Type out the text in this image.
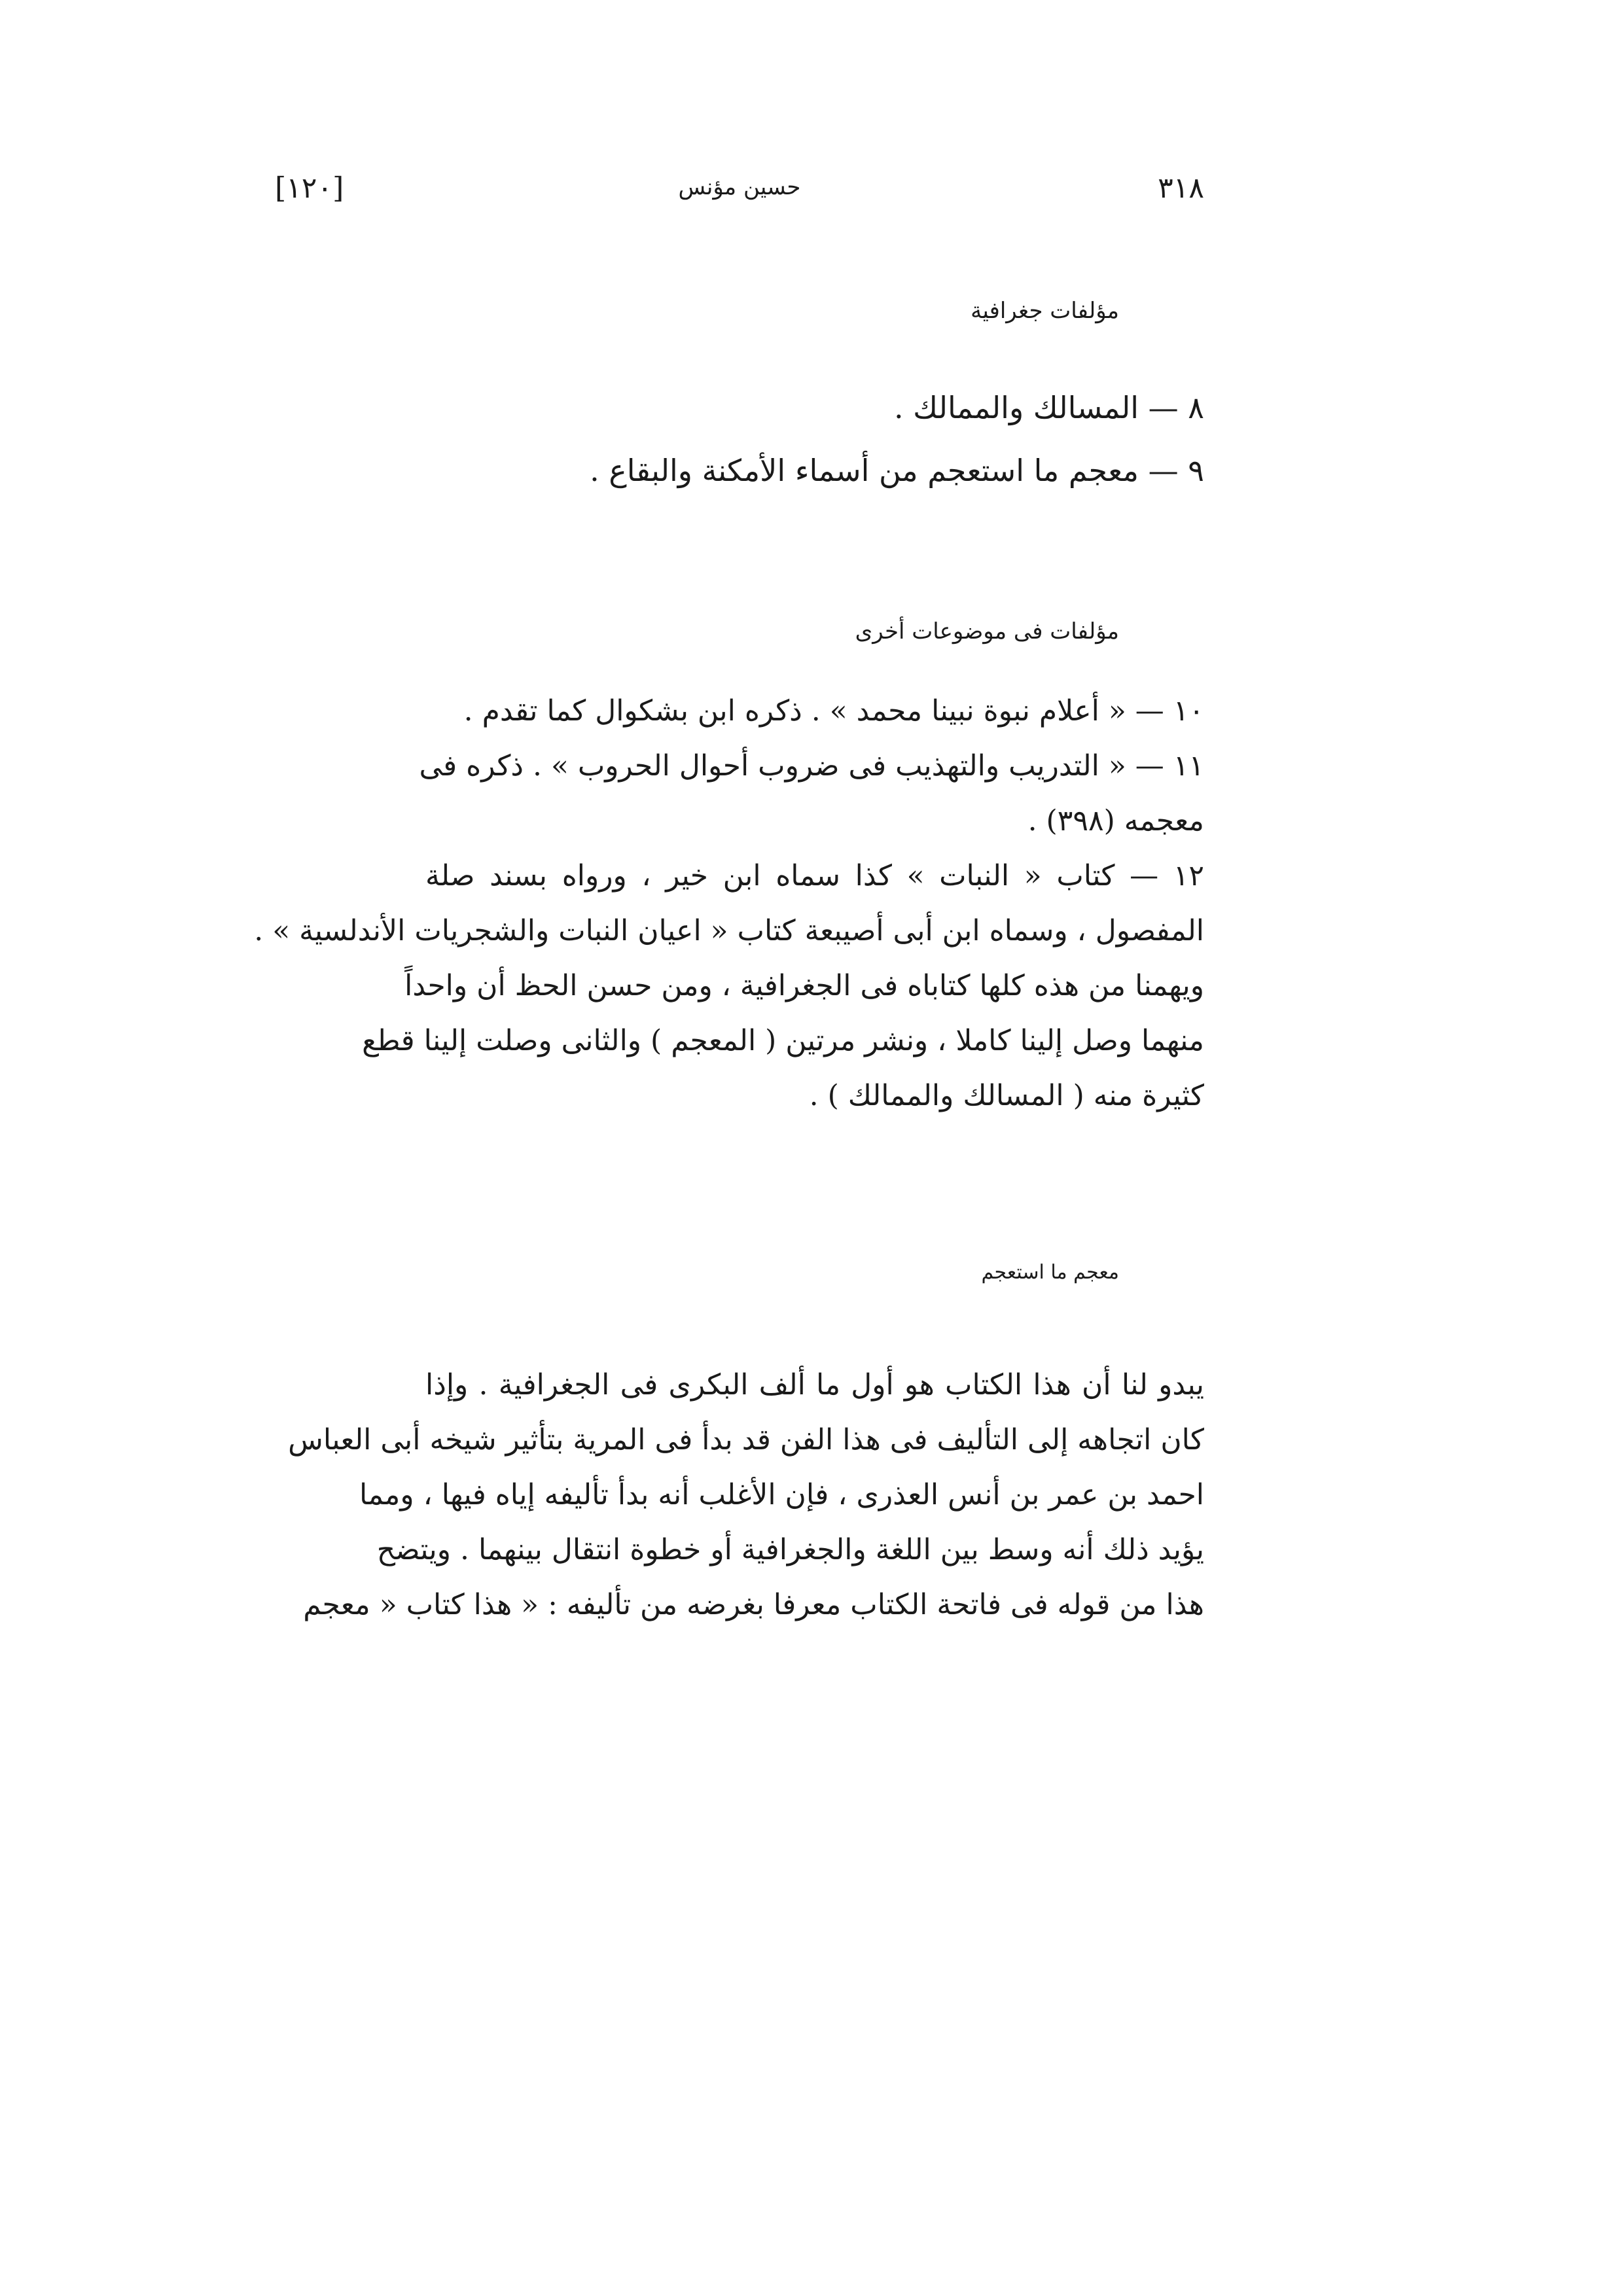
[١٢٠]	حسين مؤنس	٣١٨
مؤلفات جغرافية
٨ — المسالك والممالك .
٩ — معجم ما استعجم من أسماء الأمكنة والبقاع .
مؤلفات فى موضوعات أخرى
١٠ — « أعلام نبوة نبينا محمد » . ذكره ابن بشكوال كما تقدم .
١١ — « التدريب والتهذيب فى ضروب أحوال الحروب » . ذكره فى
معجمه (٣٩٨) .
١٢ — كتاب « النبات » كذا سماه ابن خير ، ورواه بسند صلة
المفصول ، وسماه ابن أبى أصيبعة كتاب « اعيان النبات والشجريات الأندلسية » .
ويهمنا من هذه كلها كتاباه فى الجغرافية ، ومن حسن الحظ أن واحداً
منهما وصل إلينا كاملا ، ونشر مرتين ( المعجم ) والثانى وصلت إلينا قطع
كثيرة منه ( المسالك والممالك ) .
معجم ما استعجم
يبدو لنا أن هذا الكتاب هو أول ما ألف البكرى فى الجغرافية . وإذا
كان اتجاهه إلى التأليف فى هذا الفن قد بدأ فى المرية بتأثير شيخه أبى العباس
احمد بن عمر بن أنس العذرى ، فإن الأغلب أنه بدأ تأليفه إياه فيها ، ومما
يؤيد ذلك أنه وسط بين اللغة والجغرافية أو خطوة انتقال بينهما . ويتضح
هذا من قوله فى فاتحة الكتاب معرفا بغرضه من تأليفه : « هذا كتاب « معجم
